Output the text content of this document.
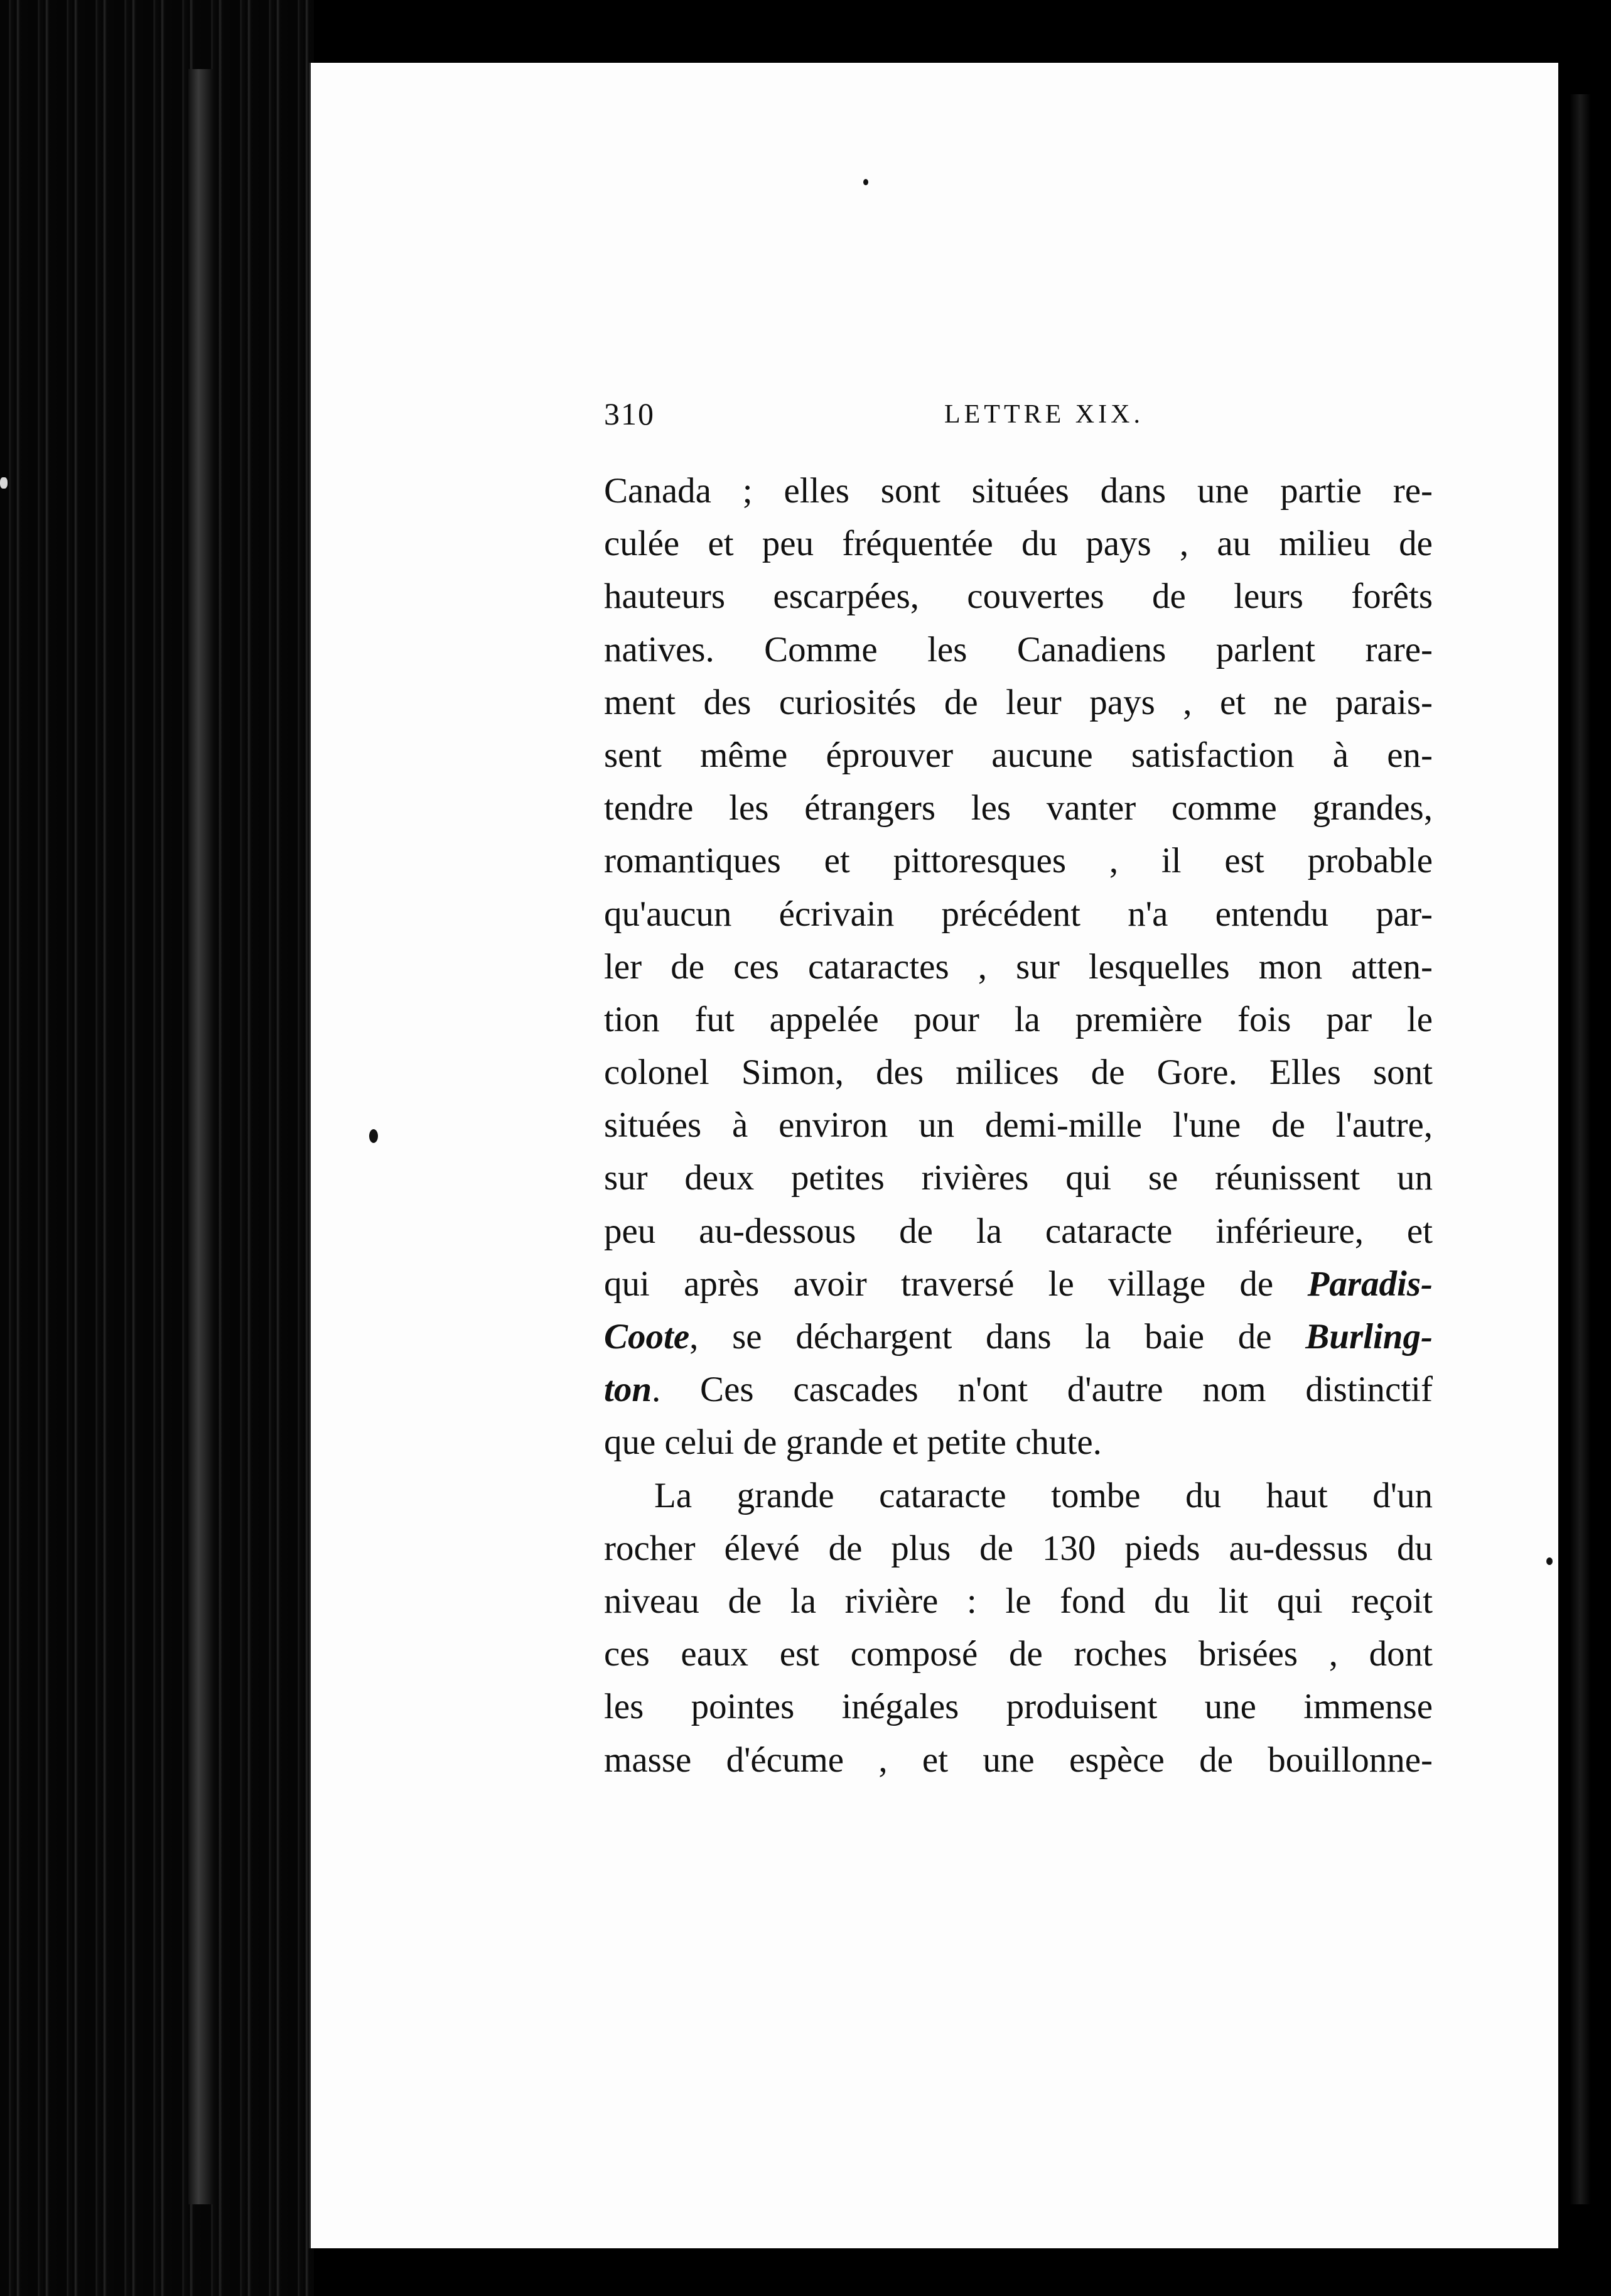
310	LETTRE XIX.
Canada ; elles sont situées dans une partie re-
culée et peu fréquentée du pays , au milieu de
hauteurs escarpées, couvertes de leurs forêts
natives. Comme les Canadiens parlent rare-
ment des curiosités de leur pays , et ne parais-
sent même éprouver aucune satisfaction à en-
tendre les étrangers les vanter comme grandes,
romantiques et pittoresques , il est probable
qu'aucun écrivain précédent n'a entendu par-
ler de ces cataractes , sur lesquelles mon atten-
tion fut appelée pour la première fois par le
colonel Simon, des milices de Gore. Elles sont
situées à environ un demi-mille l'une de l'autre,
sur deux petites rivières qui se réunissent un
peu au-dessous de la cataracte inférieure, et
qui après avoir traversé le village de Paradis-
Coote, se déchargent dans la baie de Burling-
ton. Ces cascades n'ont d'autre nom distinctif
que celui de grande et petite chute.
La grande cataracte tombe du haut d'un
rocher élevé de plus de 130 pieds au-dessus du
niveau de la rivière : le fond du lit qui reçoit
ces eaux est composé de roches brisées , dont
les pointes inégales produisent une immense
masse d'écume , et une espèce de bouillonne-
